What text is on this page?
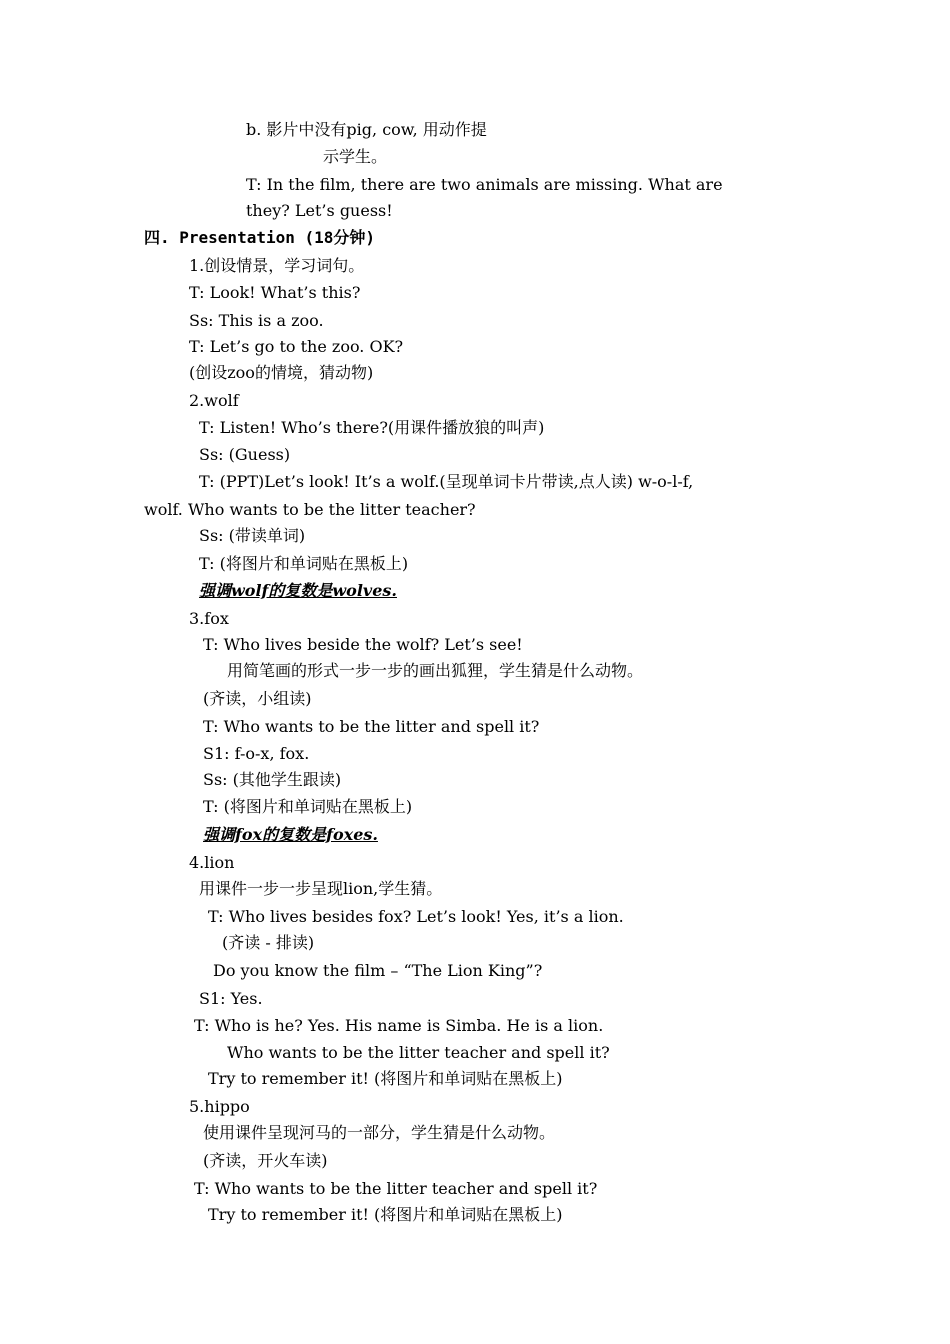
b. 影片中没有pig, cow, 用动作提
示学生。
T: In the film, there are two animals are missing. What are
they? Let’s guess!
四. Presentation (18分钟)
1.创设情景，学习词句。
T: Look! What’s this?
Ss: This is a zoo.
T: Let’s go to the zoo. OK?
(创设zoo的情境，猜动物)
2.wolf
T: Listen! Who’s there?(用课件播放狼的叫声)
Ss: (Guess)
T: (PPT)Let’s look! It’s a wolf.(呈现单词卡片带读,点人读) w-o-l-f,
wolf. Who wants to be the litter teacher?
Ss: (带读单词)
T: (将图片和单词贴在黑板上)
强调wolf的复数是wolves.
3.fox
T: Who lives beside the wolf? Let’s see!
用简笔画的形式一步一步的画出狐狸，学生猜是什么动物。
(齐读，小组读)
T: Who wants to be the litter and spell it?
S1: f-o-x, fox.
Ss: (其他学生跟读)
T: (将图片和单词贴在黑板上)
强调fox的复数是foxes.
4.lion
用课件一步一步呈现lion,学生猜。
T: Who lives besides fox? Let’s look! Yes, it’s a lion.
(齐读 - 排读)
Do you know the film – “The Lion King”?
S1: Yes.
T: Who is he? Yes. His name is Simba. He is a lion.
Who wants to be the litter teacher and spell it?
Try to remember it! (将图片和单词贴在黑板上)
5.hippo
使用课件呈现河马的一部分，学生猜是什么动物。
(齐读，开火车读)
T: Who wants to be the litter teacher and spell it?
Try to remember it! (将图片和单词贴在黑板上)
